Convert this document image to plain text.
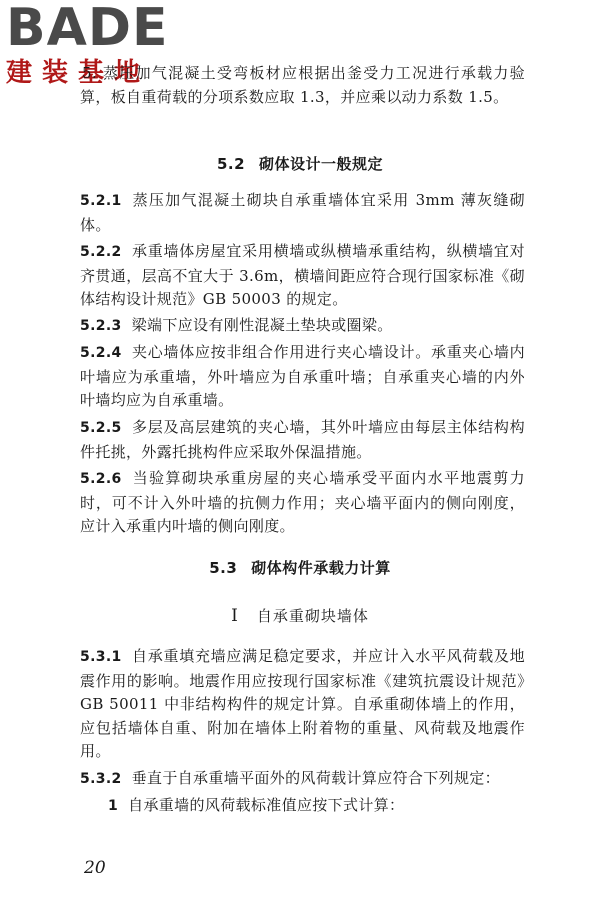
BADE
建装基地
5. 蒸压加气混凝土受弯板材应根据出釜受力工况进行承载力验算，板自重荷载的分项系数应取 1.3，并应乘以动力系数 1.5。
5.2 砌体设计一般规定
5.2.1 蒸压加气混凝土砌块自承重墙体宜采用 3mm 薄灰缝砌体。
5.2.2 承重墙体房屋宜采用横墙或纵横墙承重结构，纵横墙宜对齐贯通，层高不宜大于 3.6m，横墙间距应符合现行国家标准《砌体结构设计规范》GB 50003 的规定。
5.2.3 梁端下应设有刚性混凝土垫块或圈梁。
5.2.4 夹心墙体应按非组合作用进行夹心墙设计。承重夹心墙内叶墙应为承重墙，外叶墙应为自承重叶墙；自承重夹心墙的内外叶墙均应为自承重墙。
5.2.5 多层及高层建筑的夹心墙，其外叶墙应由每层主体结构构件托挑，外露托挑构件应采取外保温措施。
5.2.6 当验算砌块承重房屋的夹心墙承受平面内水平地震剪力时，可不计入外叶墙的抗侧力作用；夹心墙平面内的侧向刚度，应计入承重内叶墙的侧向刚度。
5.3 砌体构件承载力计算
Ⅰ 自承重砌块墙体
5.3.1 自承重填充墙应满足稳定要求，并应计入水平风荷载及地震作用的影响。地震作用应按现行国家标准《建筑抗震设计规范》GB 50011 中非结构构件的规定计算。自承重砌体墙上的作用，应包括墙体自重、附加在墙体上附着物的重量、风荷载及地震作用。
5.3.2 垂直于自承重墙平面外的风荷载计算应符合下列规定：
1 自承重墙的风荷载标准值应按下式计算：
20
